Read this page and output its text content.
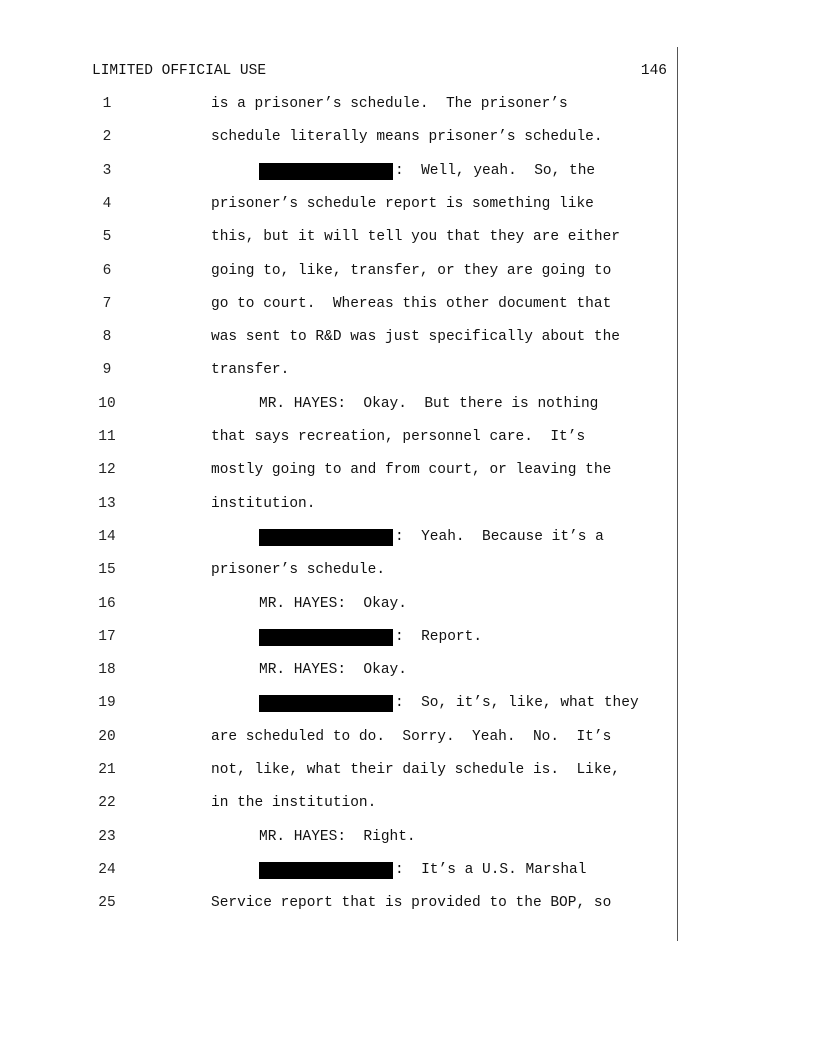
LIMITED OFFICIAL USE	146
1	is a prisoner’s schedule.  The prisoner’s
2	schedule literally means prisoner’s schedule.
3	:  Well, yeah.  So, the
4	prisoner’s schedule report is something like
5	this, but it will tell you that they are either
6	going to, like, transfer, or they are going to
7	go to court.  Whereas this other document that
8	was sent to R&D was just specifically about the
9	transfer.
10	MR. HAYES:  Okay.  But there is nothing
11	that says recreation, personnel care.  It’s
12	mostly going to and from court, or leaving the
13	institution.
14	:  Yeah.  Because it’s a
15	prisoner’s schedule.
16	MR. HAYES:  Okay.
17	:  Report.
18	MR. HAYES:  Okay.
19	:  So, it’s, like, what they
20	are scheduled to do.  Sorry.  Yeah.  No.  It’s
21	not, like, what their daily schedule is.  Like,
22	in the institution.
23	MR. HAYES:  Right.
24	:  It’s a U.S. Marshal
25	Service report that is provided to the BOP, so
